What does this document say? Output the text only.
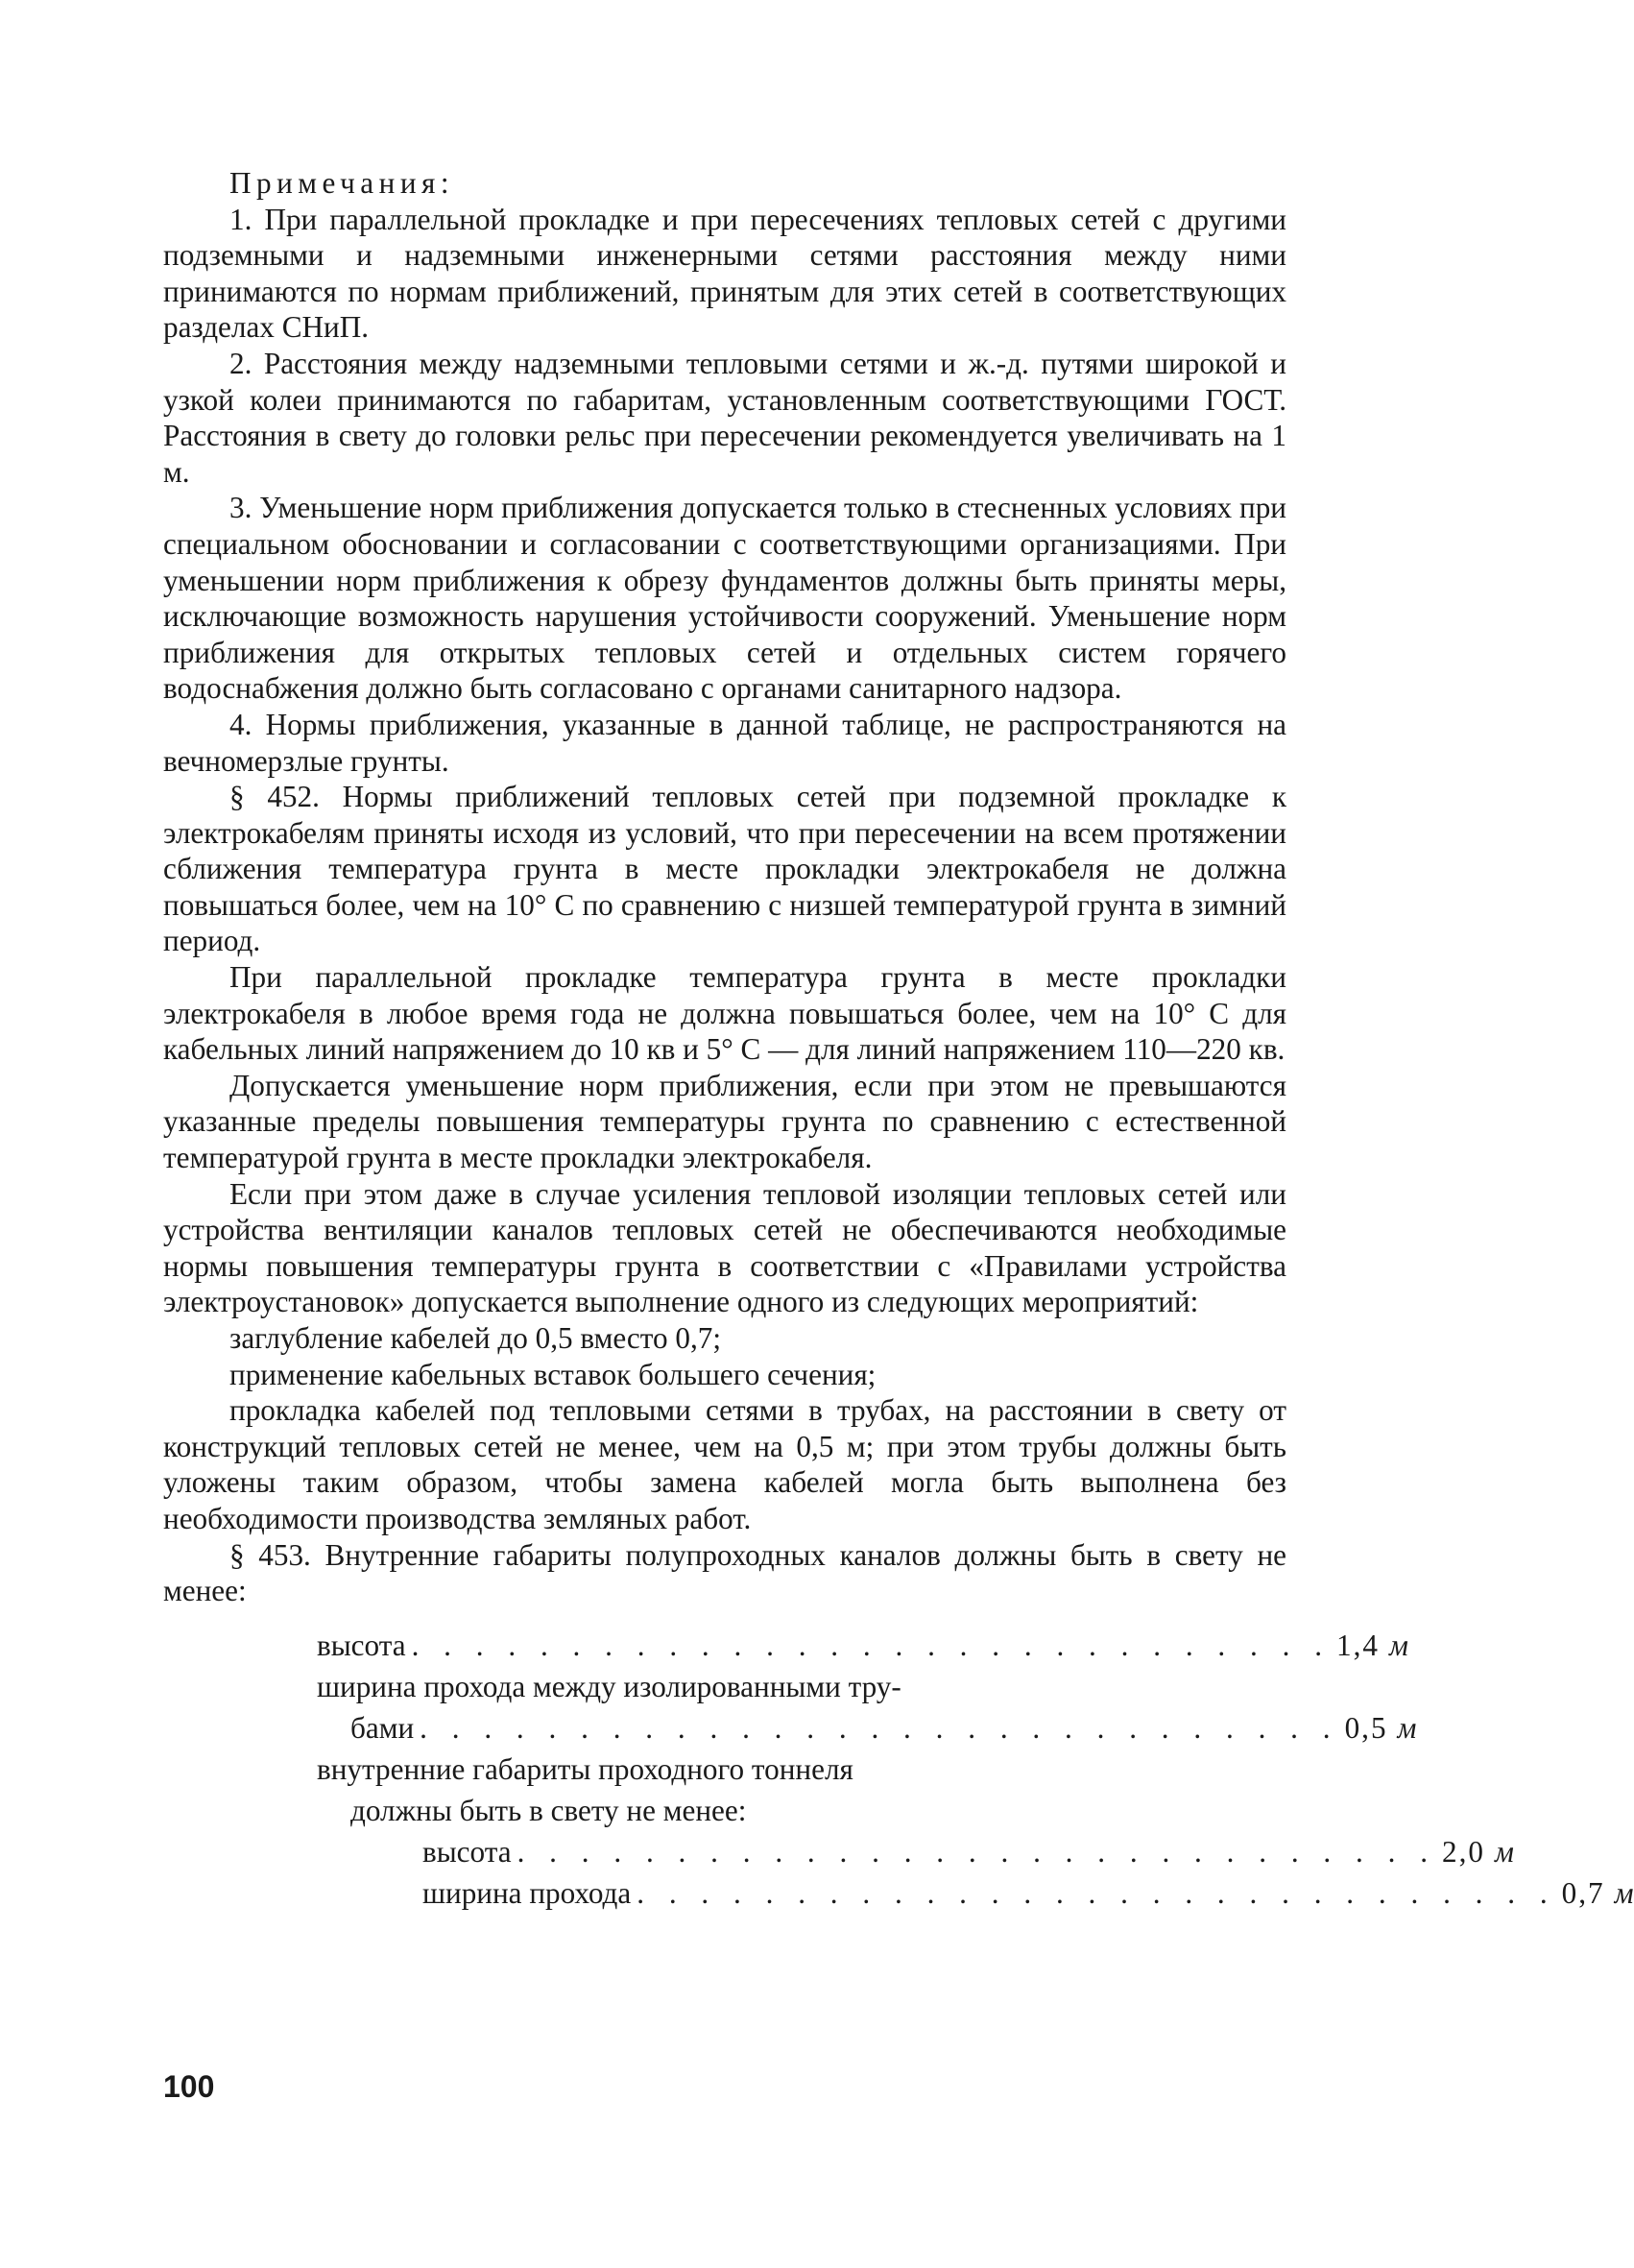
Примечания:

1. При параллельной прокладке и при пересечениях тепловых сетей с другими подземными и надземными инженерными сетями расстояния между ними принимаются по нормам приближений, принятым для этих сетей в соответствующих разделах СНиП.

2. Расстояния между надземными тепловыми сетями и ж.-д. путями широкой и узкой колеи принимаются по габаритам, установленным соответствующими ГОСТ. Расстояния в свету до головки рельс при пересечении рекомендуется увеличивать на 1 м.

3. Уменьшение норм приближения допускается только в стесненных условиях при специальном обосновании и согласовании с соответствующими организациями. При уменьшении норм приближения к обрезу фундаментов должны быть приняты меры, исключающие возможность нарушения устойчивости сооружений. Уменьшение норм приближения для открытых тепловых сетей и отдельных систем горячего водоснабжения должно быть согласовано с органами санитарного надзора.

4. Нормы приближения, указанные в данной таблице, не распространяются на вечномерзлые грунты.

§ 452. Нормы приближений тепловых сетей при подземной прокладке к электрокабелям приняты исходя из условий, что при пересечении на всем протяжении сближения температура грунта в месте прокладки электрокабеля не должна повышаться более, чем на 10° С по сравнению с низшей температурой грунта в зимний период.

При параллельной прокладке температура грунта в месте прокладки электрокабеля в любое время года не должна повышаться более, чем на 10° С для кабельных линий напряжением до 10 кв и 5° С — для линий напряжением 110—220 кв.

Допускается уменьшение норм приближения, если при этом не превышаются указанные пределы повышения температуры грунта по сравнению с естественной температурой грунта в месте прокладки электрокабеля.

Если при этом даже в случае усиления тепловой изоляции тепловых сетей или устройства вентиляции каналов тепловых сетей не обеспечиваются необходимые нормы повышения температуры грунта в соответствии с «Правилами устройства электроустановок» допускается выполнение одного из следующих мероприятий:

заглубление кабелей до 0,5 вместо 0,7;

применение кабельных вставок большего сечения;

прокладка кабелей под тепловыми сетями в трубах, на расстоянии в свету от конструкций тепловых сетей не менее, чем на 0,5 м; при этом трубы должны быть уложены таким образом, чтобы замена кабелей могла быть выполнена без необходимости производства земляных работ.

§ 453. Внутренние габариты полупроходных каналов должны быть в свету не менее:

высота . . . . . . . . . . . . . . . . . . . . . . . . . . . . . 1,4 м
ширина прохода между изолированными тру-
бами . . . . . . . . . . . . . . . . . . . . . . . . . . . . . 0,5 м
внутренние габариты проходного тоннеля
должны быть в свету не менее:
высота . . . . . . . . . . . . . . . . . . . . . . . . . . . . . 2,0 м
ширина прохода . . . . . . . . . . . . . . . . . . . . . . . . . . . . . 0,7 м
100
